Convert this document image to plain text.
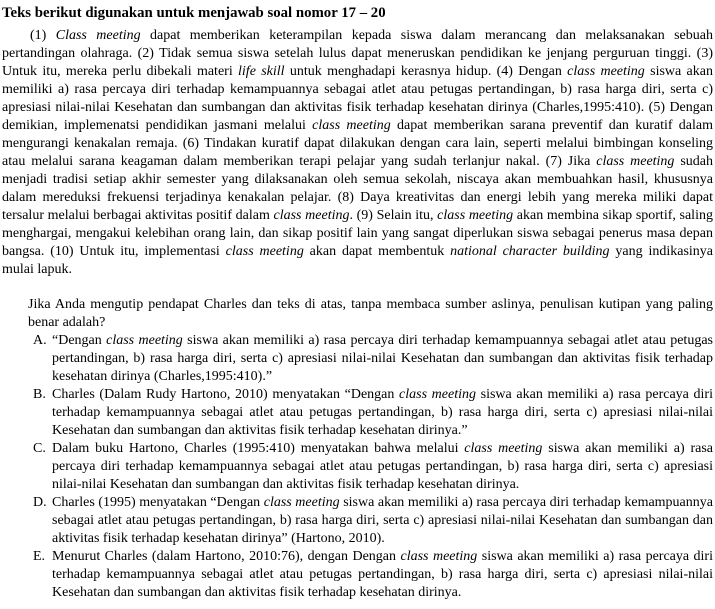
Teks berikut digunakan untuk menjawab soal nomor 17 – 20

(1) Class meeting dapat memberikan keterampilan kepada siswa dalam merancang dan melaksanakan sebuah pertandingan olahraga. (2) Tidak semua siswa setelah lulus dapat meneruskan pendidikan ke jenjang perguruan tinggi. (3) Untuk itu, mereka perlu dibekali materi life skill untuk menghadapi kerasnya hidup. (4) Dengan class meeting siswa akan memiliki a) rasa percaya diri terhadap kemampuannya sebagai atlet atau petugas pertandingan, b) rasa harga diri, serta c) apresiasi nilai-nilai Kesehatan dan sumbangan dan aktivitas fisik terhadap kesehatan dirinya (Charles,1995:410). (5) Dengan demikian, implemenatsi pendidikan jasmani melalui class meeting dapat memberikan sarana preventif dan kuratif dalam mengurangi kenakalan remaja. (6) Tindakan kuratif dapat dilakukan dengan cara lain, seperti melalui bimbingan konseling atau melalui sarana keagaman dalam memberikan terapi pelajar yang sudah terlanjur nakal. (7) Jika class meeting sudah menjadi tradisi setiap akhir semester yang dilaksanakan oleh semua sekolah, niscaya akan membuahkan hasil, khususnya dalam mereduksi frekuensi terjadinya kenakalan pelajar. (8) Daya kreativitas dan energi lebih yang mereka miliki dapat tersalur melalui berbagai aktivitas positif dalam class meeting. (9) Selain itu, class meeting akan membina sikap sportif, saling menghargai, mengakui kelebihan orang lain, dan sikap positif lain yang sangat diperlukan siswa sebagai penerus masa depan bangsa. (10) Untuk itu, implementasi class meeting akan dapat membentuk national character building yang indikasinya mulai lapuk.

Jika Anda mengutip pendapat Charles dan teks di atas, tanpa membaca sumber aslinya, penulisan kutipan yang paling benar adalah?

A. “Dengan class meeting siswa akan memiliki a) rasa percaya diri terhadap kemampuannya sebagai atlet atau petugas pertandingan, b) rasa harga diri, serta c) apresiasi nilai-nilai Kesehatan dan sumbangan dan aktivitas fisik terhadap kesehatan dirinya (Charles,1995:410).”
B. Charles (Dalam Rudy Hartono, 2010) menyatakan “Dengan class meeting siswa akan memiliki a) rasa percaya diri terhadap kemampuannya sebagai atlet atau petugas pertandingan, b) rasa harga diri, serta c) apresiasi nilai-nilai Kesehatan dan sumbangan dan aktivitas fisik terhadap kesehatan dirinya.”
C. Dalam buku Hartono, Charles (1995:410) menyatakan bahwa melalui class meeting siswa akan memiliki a) rasa percaya diri terhadap kemampuannya sebagai atlet atau petugas pertandingan, b) rasa harga diri, serta c) apresiasi nilai-nilai Kesehatan dan sumbangan dan aktivitas fisik terhadap kesehatan dirinya.
D. Charles (1995) menyatakan “Dengan class meeting siswa akan memiliki a) rasa percaya diri terhadap kemampuannya sebagai atlet atau petugas pertandingan, b) rasa harga diri, serta c) apresiasi nilai-nilai Kesehatan dan sumbangan dan aktivitas fisik terhadap kesehatan dirinya” (Hartono, 2010).
E. Menurut Charles (dalam Hartono, 2010:76), dengan Dengan class meeting siswa akan memiliki a) rasa percaya diri terhadap kemampuannya sebagai atlet atau petugas pertandingan, b) rasa harga diri, serta c) apresiasi nilai-nilai Kesehatan dan sumbangan dan aktivitas fisik terhadap kesehatan dirinya.
